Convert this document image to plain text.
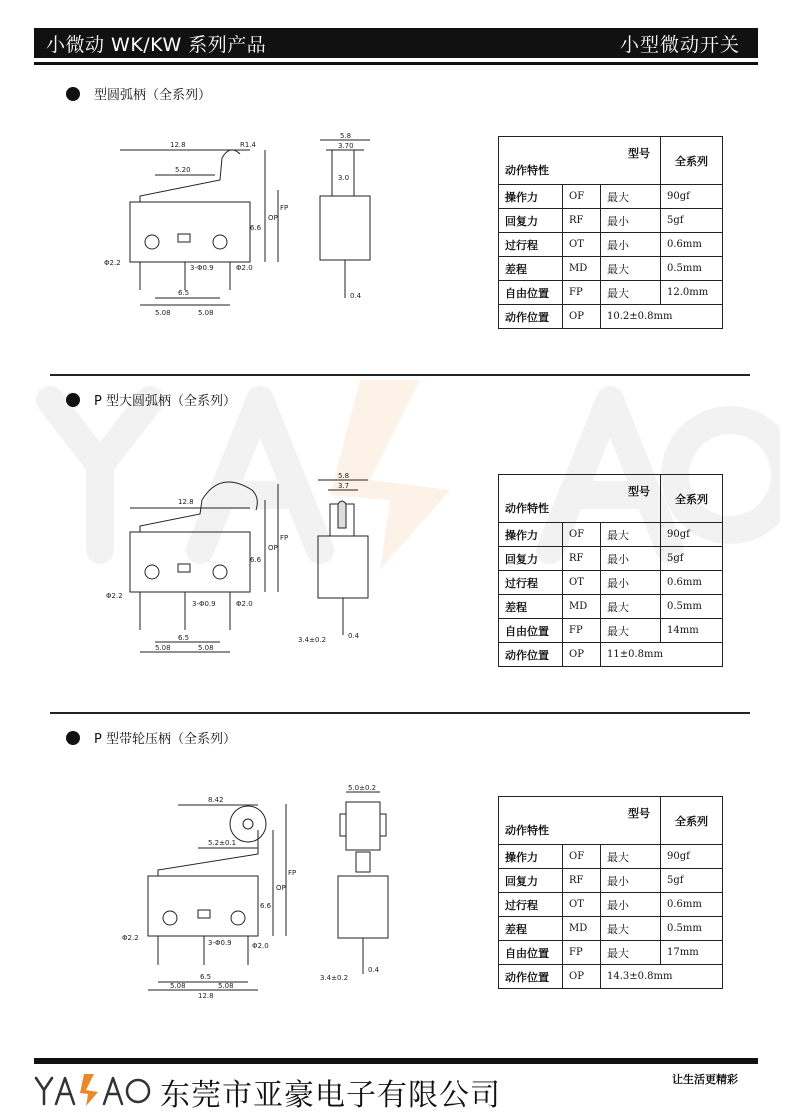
小微动 WK/KW 系列产品	小型微动开关
型圆弧柄（全系列）
12.8	R1.4
5.20
6.5
5.08	5.08
3-Φ0.9
Φ2.2
Φ2.0
6.6
OP
FP
5.8
3.70
3.0
0.4
型号
动作特性			全系列
操作力	OF	最大	90gf
回复力	RF	最小	5gf
过行程	OT	最小	0.6mm
差程	MD	最大	0.5mm
自由位置	FP	最大	12.0mm
动作位置	OP	10.2±0.8mm	
P 型大圆弧柄（全系列）
12.8
6.5
5.08	5.08
3-Φ0.9
Φ2.2
Φ2.0
6.6
OP
FP
5.8
3.7
0.4
3.4±0.2
型号
动作特性			全系列
操作力	OF	最大	90gf
回复力	RF	最小	5gf
过行程	OT	最小	0.6mm
差程	MD	最大	0.5mm
自由位置	FP	最大	14mm
动作位置	OP	11±0.8mm	
P 型带轮压柄（全系列）
8.42
5.2±0.1
6.5
5.08	5.08
12.8
3-Φ0.9
Φ2.2
Φ2.0
6.6
OP
FP
5.0±0.2
0.4
3.4±0.2
型号
动作特性			全系列
操作力	OF	最大	90gf
回复力	RF	最小	5gf
过行程	OT	最小	0.6mm
差程	MD	最大	0.5mm
自由位置	FP	最大	17mm
动作位置	OP	14.3±0.8mm	
东莞市亚豪电子有限公司	让生活更精彩
